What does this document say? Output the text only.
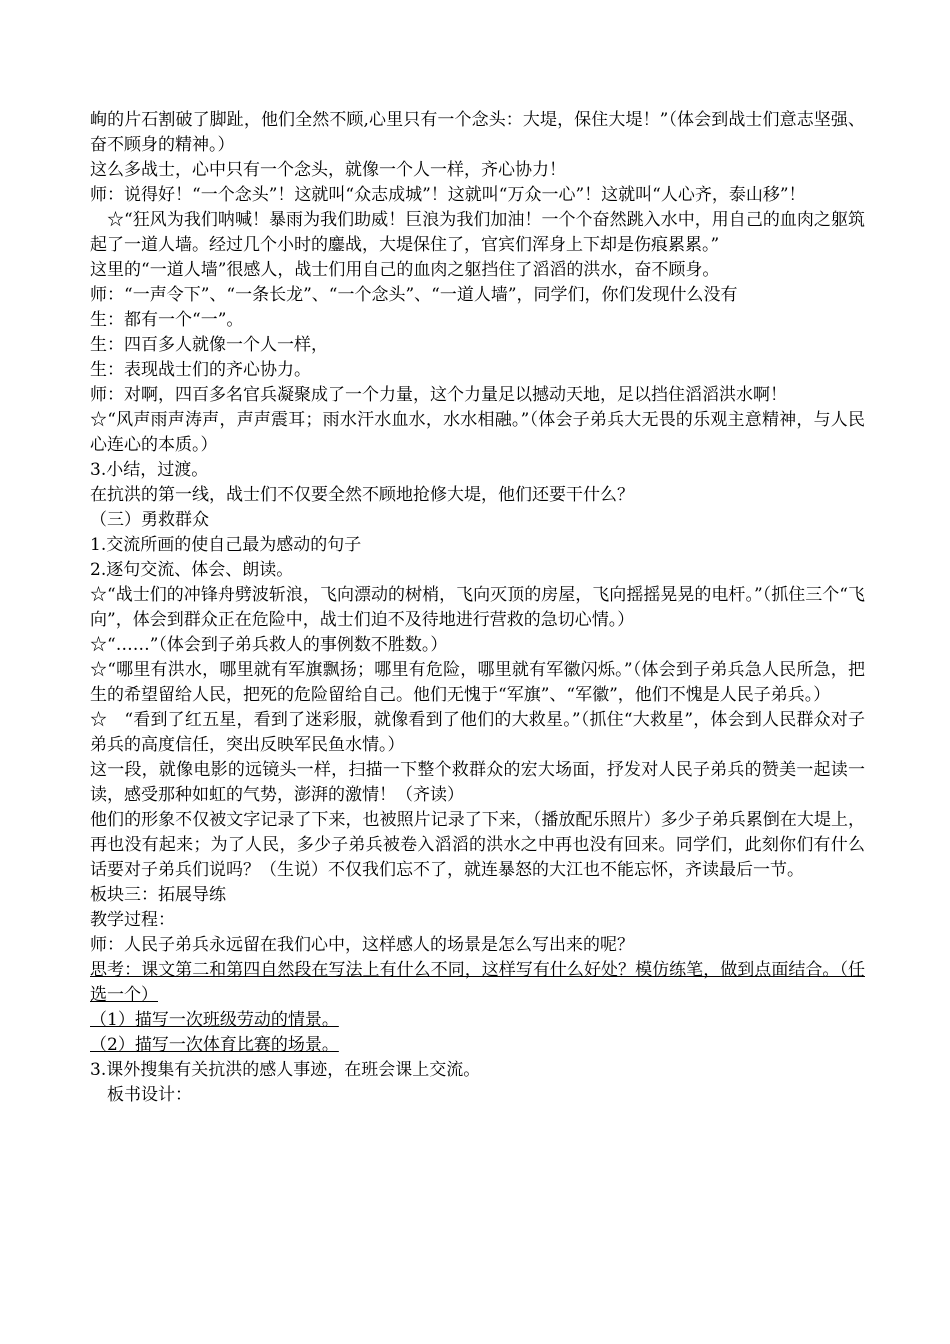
峋的片石割破了脚趾，他们全然不顾,心里只有一个念头：大堤，保住大堤！”（体会到战士们意志坚强、奋不顾身的精神。）

这么多战士，心中只有一个念头，就像一个人一样，齐心协力！

师：说得好！“一个念头”！这就叫“众志成城”！这就叫“万众一心”！这就叫“人心齐，泰山移”！

　☆“狂风为我们呐喊！暴雨为我们助威！巨浪为我们加油！一个个奋然跳入水中，用自己的血肉之躯筑起了一道人墙。经过几个小时的鏖战，大堤保住了，官宾们浑身上下却是伤痕累累。”

这里的“一道人墙”很感人，战士们用自己的血肉之躯挡住了滔滔的洪水，奋不顾身。

师：“一声令下”、“一条长龙”、“一个念头”、“一道人墙”，同学们，你们发现什么没有

生：都有一个“一”。

生：四百多人就像一个人一样，

生：表现战士们的齐心协力。

师：对啊，四百多名官兵凝聚成了一个力量，这个力量足以撼动天地，足以挡住滔滔洪水啊！

☆“风声雨声涛声，声声震耳；雨水汗水血水，水水相融。”（体会子弟兵大无畏的乐观主意精神，与人民心连心的本质。）

3.小结，过渡。

在抗洪的第一线，战士们不仅要全然不顾地抢修大堤，他们还要干什么？

（三）勇救群众

1.交流所画的使自己最为感动的句子

2.逐句交流、体会、朗读。

☆“战士们的冲锋舟劈波斩浪，飞向漂动的树梢，飞向灭顶的房屋，飞向摇摇晃晃的电杆。”（抓住三个“飞向”，体会到群众正在危险中，战士们迫不及待地进行营救的急切心情。）

☆“……”（体会到子弟兵救人的事例数不胜数。）

☆“哪里有洪水，哪里就有军旗飘扬；哪里有危险，哪里就有军徽闪烁。”（体会到子弟兵急人民所急，把生的希望留给人民，把死的危险留给自己。他们无愧于“军旗”、“军徽”，他们不愧是人民子弟兵。）

☆　“看到了红五星，看到了迷彩服，就像看到了他们的大救星。”（抓住“大救星”，体会到人民群众对子弟兵的高度信任，突出反映军民鱼水情。）

这一段，就像电影的远镜头一样，扫描一下整个救群众的宏大场面，抒发对人民子弟兵的赞美一起读一读，感受那种如虹的气势，澎湃的激情！（齐读）

他们的形象不仅被文字记录了下来，也被照片记录了下来，（播放配乐照片）多少子弟兵累倒在大堤上，再也没有起来；为了人民，多少子弟兵被卷入滔滔的洪水之中再也没有回来。同学们，此刻你们有什么话要对子弟兵们说吗？（生说）不仅我们忘不了，就连暴怒的大江也不能忘怀，齐读最后一节。

板块三：拓展导练

教学过程：

师：人民子弟兵永远留在我们心中，这样感人的场景是怎么写出来的呢？

思考：课文第二和第四自然段在写法上有什么不同，这样写有什么好处？模仿练笔，做到点面结合。（任选一个）

（1）描写一次班级劳动的情景。

（2）描写一次体育比赛的场景。

3.课外搜集有关抗洪的感人事迹，在班会课上交流。

　板书设计：
